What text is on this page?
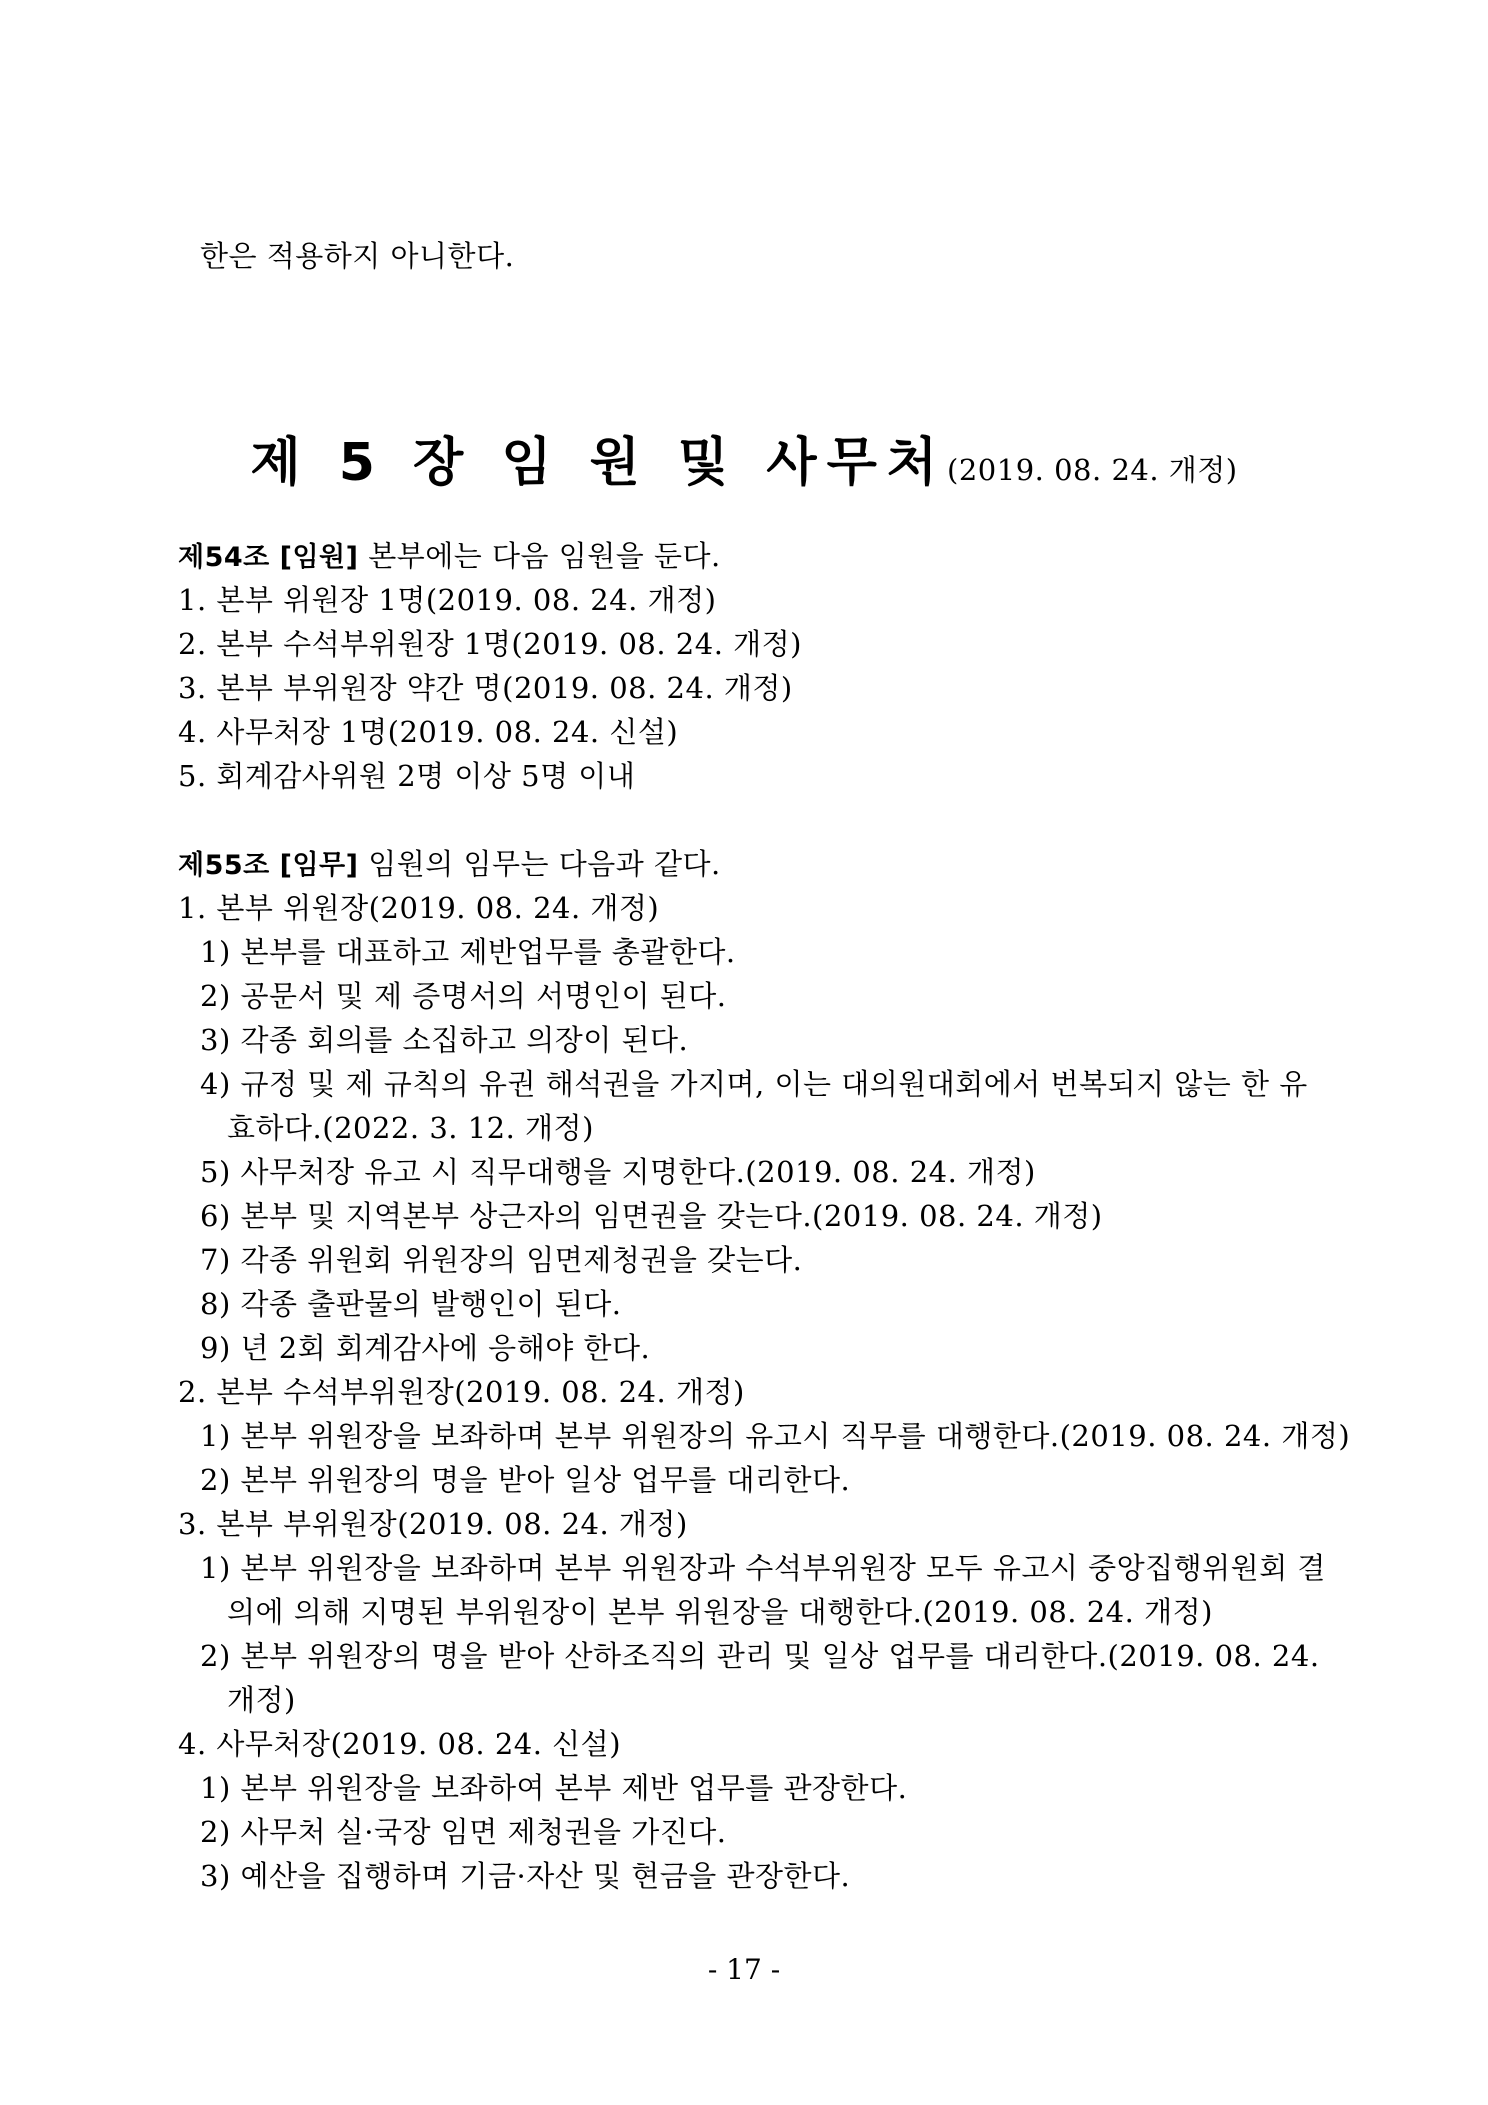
한은 적용하지 아니한다.
제 5 장 임 원 및 사무처(2019. 08. 24. 개정)
제54조 [임원] 본부에는 다음 임원을 둔다.
1. 본부 위원장 1명(2019. 08. 24. 개정)
2. 본부 수석부위원장 1명(2019. 08. 24. 개정)
3. 본부 부위원장 약간 명(2019. 08. 24. 개정)
4. 사무처장 1명(2019. 08. 24. 신설)
5. 회계감사위원 2명 이상 5명 이내
제55조 [임무] 임원의 임무는 다음과 같다.
1. 본부 위원장(2019. 08. 24. 개정)
1) 본부를 대표하고 제반업무를 총괄한다.
2) 공문서 및 제 증명서의 서명인이 된다.
3) 각종 회의를 소집하고 의장이 된다.
4) 규정 및 제 규칙의 유권 해석권을 가지며, 이는 대의원대회에서 번복되지 않는 한 유
효하다.(2022. 3. 12. 개정)
5) 사무처장 유고 시 직무대행을 지명한다.(2019. 08. 24. 개정)
6) 본부 및 지역본부 상근자의 임면권을 갖는다.(2019. 08. 24. 개정)
7) 각종 위원회 위원장의 임면제청권을 갖는다.
8) 각종 출판물의 발행인이 된다.
9) 년 2회 회계감사에 응해야 한다.
2. 본부 수석부위원장(2019. 08. 24. 개정)
1) 본부 위원장을 보좌하며 본부 위원장의 유고시 직무를 대행한다.(2019. 08. 24. 개정)
2) 본부 위원장의 명을 받아 일상 업무를 대리한다.
3. 본부 부위원장(2019. 08. 24. 개정)
1) 본부 위원장을 보좌하며 본부 위원장과 수석부위원장 모두 유고시 중앙집행위원회 결
의에 의해 지명된 부위원장이 본부 위원장을 대행한다.(2019. 08. 24. 개정)
2) 본부 위원장의 명을 받아 산하조직의 관리 및 일상 업무를 대리한다.(2019. 08. 24.
개정)
4. 사무처장(2019. 08. 24. 신설)
1) 본부 위원장을 보좌하여 본부 제반 업무를 관장한다.
2) 사무처 실·국장 임면 제청권을 가진다.
3) 예산을 집행하며 기금·자산 및 현금을 관장한다.
- 17 -
